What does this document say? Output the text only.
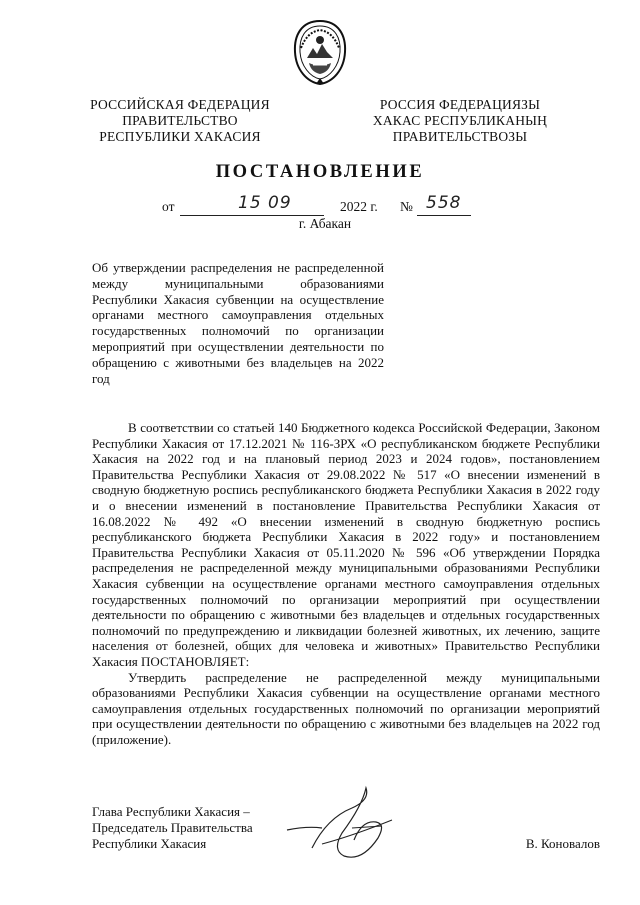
РОССИЙСКАЯ ФЕДЕРАЦИЯ
ПРАВИТЕЛЬСТВО
РЕСПУБЛИКИ ХАКАСИЯ
РОССИЯ ФЕДЕРАЦИЯЗЫ
ХАКАС РЕСПУБЛИКАНЫҢ
ПРАВИТЕЛЬСТВОЗЫ
ПОСТАНОВЛЕНИЕ
от	15 09	2022 г. № 558
г. Абакан
Об утверждении распределения не распределенной между муниципальными образованиями Республики Хакасия субвенции на осуществление органами местного самоуправления отдельных государственных полномочий по организации мероприятий при осуществлении деятельности по обращению с животными без владельцев на 2022 год

В соответствии со статьей 140 Бюджетного кодекса Российской Федерации, Законом Республики Хакасия от 17.12.2021 № 116-ЗРХ «О республиканском бюджете Республики Хакасия на 2022 год и на плановый период 2023 и 2024 годов», постановлением Правительства Республики Хакасия от 29.08.2022 № 517 «О внесении изменений в сводную бюджетную роспись республиканского бюджета Республики Хакасия в 2022 году и о внесении изменений в постановление Правительства Республики Хакасия от 16.08.2022 № 492 «О внесении изменений в сводную бюджетную роспись республиканского бюджета Республики Хакасия в 2022 году» и постановлением Правительства Республики Хакасия от 05.11.2020 № 596 «Об утверждении Порядка распределения не распределенной между муниципальными образованиями Республики Хакасия субвенции на осуществление органами местного самоуправления отдельных государственных полномочий по организации мероприятий при осуществлении деятельности по обращению с животными без владельцев и отдельных государственных полномочий по предупреждению и ликвидации болезней животных, их лечению, защите населения от болезней, общих для человека и животных» Правительство Республики Хакасия ПОСТАНОВЛЯЕТ:

Утвердить распределение не распределенной между муниципальными образованиями Республики Хакасия субвенции на осуществление органами местного самоуправления отдельных государственных полномочий по организации мероприятий при осуществлении деятельности по обращению с животными без владельцев на 2022 год (приложение).

Глава Республики Хакасия –
Председатель Правительства
Республики Хакасия	В. Коновалов
